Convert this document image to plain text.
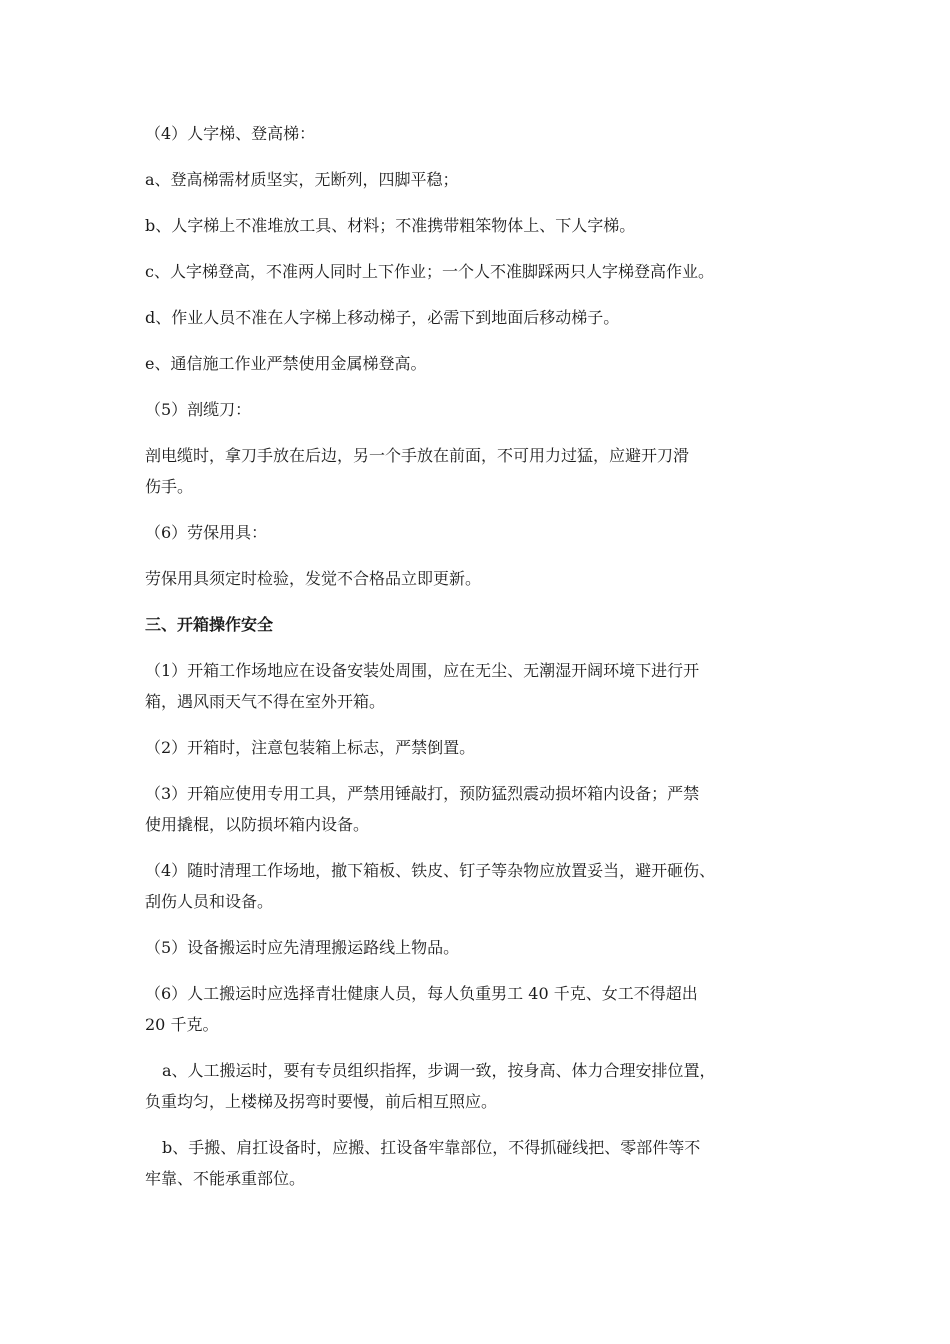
（4）人字梯、登高梯：

a、登高梯需材质坚实，无断列，四脚平稳；

b、人字梯上不准堆放工具、材料；不准携带粗笨物体上、下人字梯。

c、人字梯登高，不准两人同时上下作业；一个人不准脚踩两只人字梯登高作业。

d、作业人员不准在人字梯上移动梯子，必需下到地面后移动梯子。

e、通信施工作业严禁使用金属梯登高。

（5）剖缆刀：

剖电缆时，拿刀手放在后边，另一个手放在前面，不可用力过猛，应避开刀滑

伤手。

（6）劳保用具：

劳保用具须定时检验，发觉不合格品立即更新。

三、开箱操作安全

（1）开箱工作场地应在设备安装处周围，应在无尘、无潮湿开阔环境下进行开

箱，遇风雨天气不得在室外开箱。

（2）开箱时，注意包装箱上标志，严禁倒置。

（3）开箱应使用专用工具，严禁用锤敲打，预防猛烈震动损坏箱内设备；严禁

使用撬棍，以防损坏箱内设备。

（4）随时清理工作场地，撤下箱板、铁皮、钉子等杂物应放置妥当，避开砸伤、

刮伤人员和设备。

（5）设备搬运时应先清理搬运路线上物品。

（6）人工搬运时应选择青壮健康人员，每人负重男工 40 千克、女工不得超出

20 千克。

a、人工搬运时，要有专员组织指挥，步调一致，按身高、体力合理安排位置，

负重均匀，上楼梯及拐弯时要慢，前后相互照应。

b、手搬、肩扛设备时，应搬、扛设备牢靠部位，不得抓碰线把、零部件等不

牢靠、不能承重部位。
